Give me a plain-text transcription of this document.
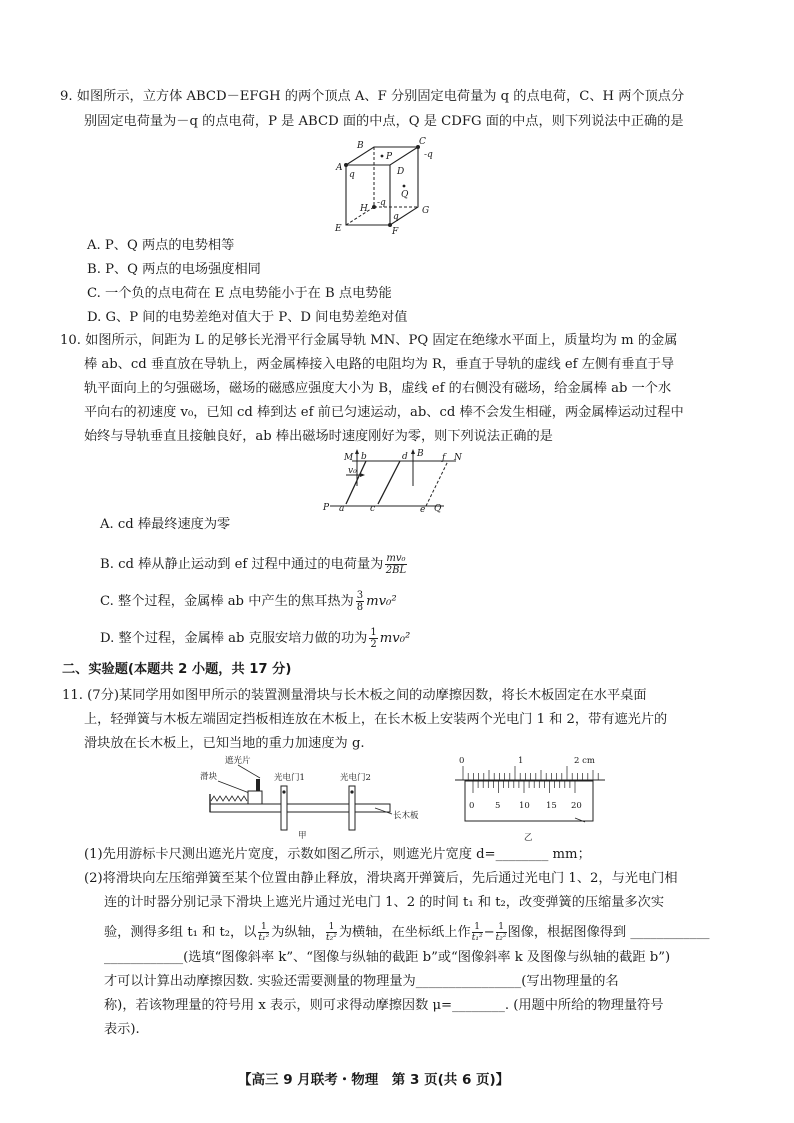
9. 如图所示，立方体 ABCD－EFGH 的两个顶点 A、F 分别固定电荷量为 q 的点电荷，C、H 两个顶点分
别固定电荷量为－q 的点电荷，P 是 ABCD 面的中点，Q 是 CDFG 面的中点，则下列说法中正确的是
B	C
-q
A
q
P
D
Q
H
-q
G
E	F
q
A. P、Q 两点的电势相等
B. P、Q 两点的电场强度相同
C. 一个负的点电荷在 E 点电势能小于在 B 点电势能
D. G、P 间的电势差绝对值大于 P、D 间电势差绝对值
10. 如图所示，间距为 L 的足够长光滑平行金属导轨 MN、PQ 固定在绝缘水平面上，质量均为 m 的金属
棒 ab、cd 垂直放在导轨上，两金属棒接入电路的电阻均为 R，垂直于导轨的虚线 ef 左侧有垂直于导
轨平面向上的匀强磁场，磁场的磁感应强度大小为 B，虚线 ef 的右侧没有磁场，给金属棒 ab 一个水
平向右的初速度 v₀，已知 cd 棒到达 ef 前已匀速运动，ab、cd 棒不会发生相碰，两金属棒运动过程中
始终与导轨垂直且接触良好，ab 棒出磁场时速度刚好为零，则下列说法正确的是
M b	d B f N
v₀
P a	c	e Q
A. cd 棒最终速度为零
B. cd 棒从静止运动到 ef 过程中通过的电荷量为 $\frac{\text{mv₀}}{2BL}$
C. 整个过程，金属棒 ab 中产生的焦耳热为 $\frac{3}{8} mv_0^2$
D. 整个过程，金属棒 ab 克服安培力做的功为 $\frac{1}{2} mv_0^2$
二、实验题(本题共 2 小题，共 17 分)
11. (7分)某同学用如图甲所示的装置测量滑块与长木板之间的动摩擦因数，将长木板固定在水平桌面
上，轻弹簧与木板左端固定挡板相连放在木板上，在长木板上安装两个光电门 1 和 2，带有遮光片的
滑块放在长木板上，已知当地的重力加速度为 g.
遮光片
滑块	光电门1	光电门2
长木板
甲
0	1	2 cm
0 5 10 15 20
乙
(1)先用游标卡尺测出遮光片宽度，示数如图乙所示，则遮光片宽度 d=________ mm；
(2)将滑块向左压缩弹簧至某个位置由静止释放，滑块离开弹簧后，先后通过光电门 1、2，与光电门相
连的计时器分别记录下滑块上遮光片通过光电门 1、2 的时间 t₁ 和 t₂，改变弹簧的压缩量多次实
验，测得多组 t₁ 和 t₂，以 $\frac{1}{\text{t₁²}}$ 为纵轴， $\frac{1}{\text{t₂²}}$ 为横轴，在坐标纸上作 $\frac{1}{\text{t₁²}} - \frac{1}{\text{t₂²}}$ 图像，根据图像得到 ____________
____________(选填“图像斜率 k”、“图像与纵轴的截距 b”或“图像斜率 k 及图像与纵轴的截距 b”)
才可以计算出动摩擦因数. 实验还需要测量的物理量为________________(写出物理量的名
称)，若该物理量的符号用 x 表示，则可求得动摩擦因数 μ=________. (用题中所给的物理量符号
表示).
【高三 9 月联考・物理　第 3 页(共 6 页)】
